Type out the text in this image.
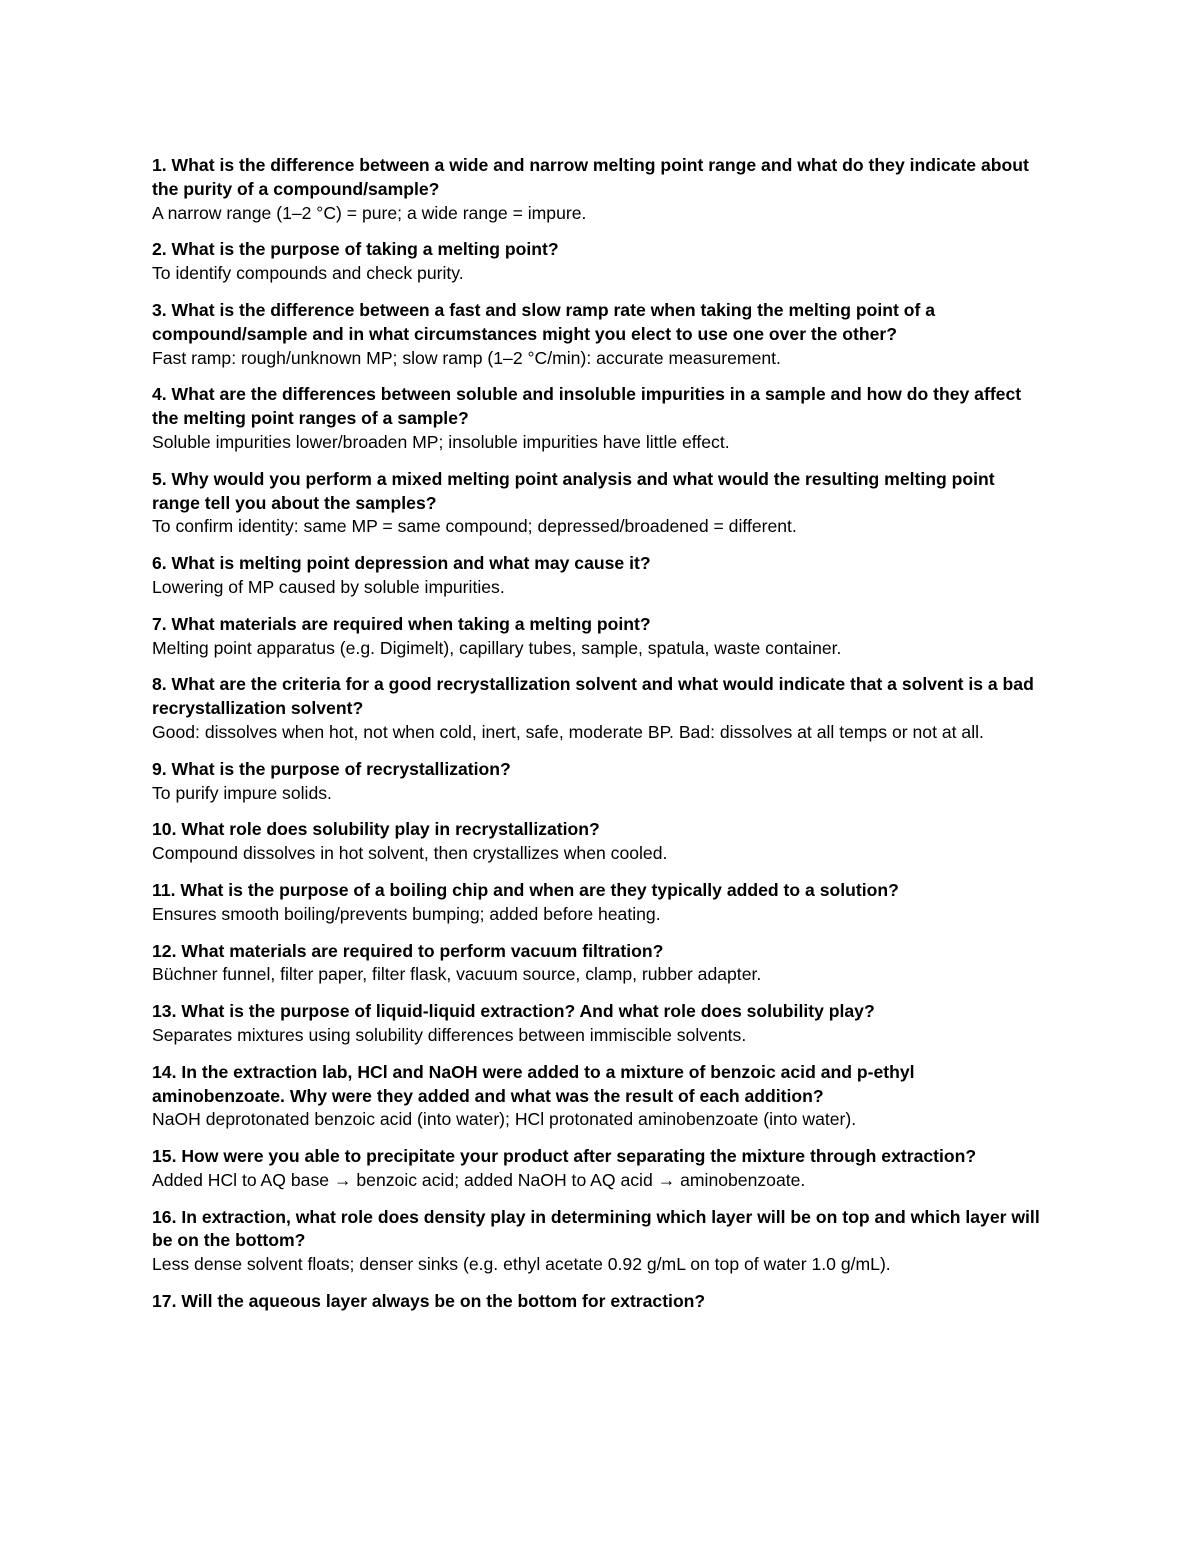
1. What is the difference between a wide and narrow melting point range and what do they indicate about the purity of a compound/sample?

A narrow range (1–2 °C) = pure; a wide range = impure.

2. What is the purpose of taking a melting point?

To identify compounds and check purity.

3. What is the difference between a fast and slow ramp rate when taking the melting point of a compound/sample and in what circumstances might you elect to use one over the other?

Fast ramp: rough/unknown MP; slow ramp (1–2 °C/min): accurate measurement.

4. What are the differences between soluble and insoluble impurities in a sample and how do they affect the melting point ranges of a sample?

Soluble impurities lower/broaden MP; insoluble impurities have little effect.

5. Why would you perform a mixed melting point analysis and what would the resulting melting point range tell you about the samples?

To confirm identity: same MP = same compound; depressed/broadened = different.

6. What is melting point depression and what may cause it?

Lowering of MP caused by soluble impurities.

7. What materials are required when taking a melting point?

Melting point apparatus (e.g. Digimelt), capillary tubes, sample, spatula, waste container.

8. What are the criteria for a good recrystallization solvent and what would indicate that a solvent is a bad recrystallization solvent?

Good: dissolves when hot, not when cold, inert, safe, moderate BP. Bad: dissolves at all temps or not at all.

9. What is the purpose of recrystallization?

To purify impure solids.

10. What role does solubility play in recrystallization?

Compound dissolves in hot solvent, then crystallizes when cooled.

11. What is the purpose of a boiling chip and when are they typically added to a solution?

Ensures smooth boiling/prevents bumping; added before heating.

12. What materials are required to perform vacuum filtration?

Büchner funnel, filter paper, filter flask, vacuum source, clamp, rubber adapter.

13. What is the purpose of liquid-liquid extraction? And what role does solubility play?

Separates mixtures using solubility differences between immiscible solvents.

14. In the extraction lab, HCl and NaOH were added to a mixture of benzoic acid and p-ethyl aminobenzoate. Why were they added and what was the result of each addition?

NaOH deprotonated benzoic acid (into water); HCl protonated aminobenzoate (into water).

15. How were you able to precipitate your product after separating the mixture through extraction?

Added HCl to AQ base → benzoic acid; added NaOH to AQ acid → aminobenzoate.

16. In extraction, what role does density play in determining which layer will be on top and which layer will be on the bottom?

Less dense solvent floats; denser sinks (e.g. ethyl acetate 0.92 g/mL on top of water 1.0 g/mL).

17. Will the aqueous layer always be on the bottom for extraction?
